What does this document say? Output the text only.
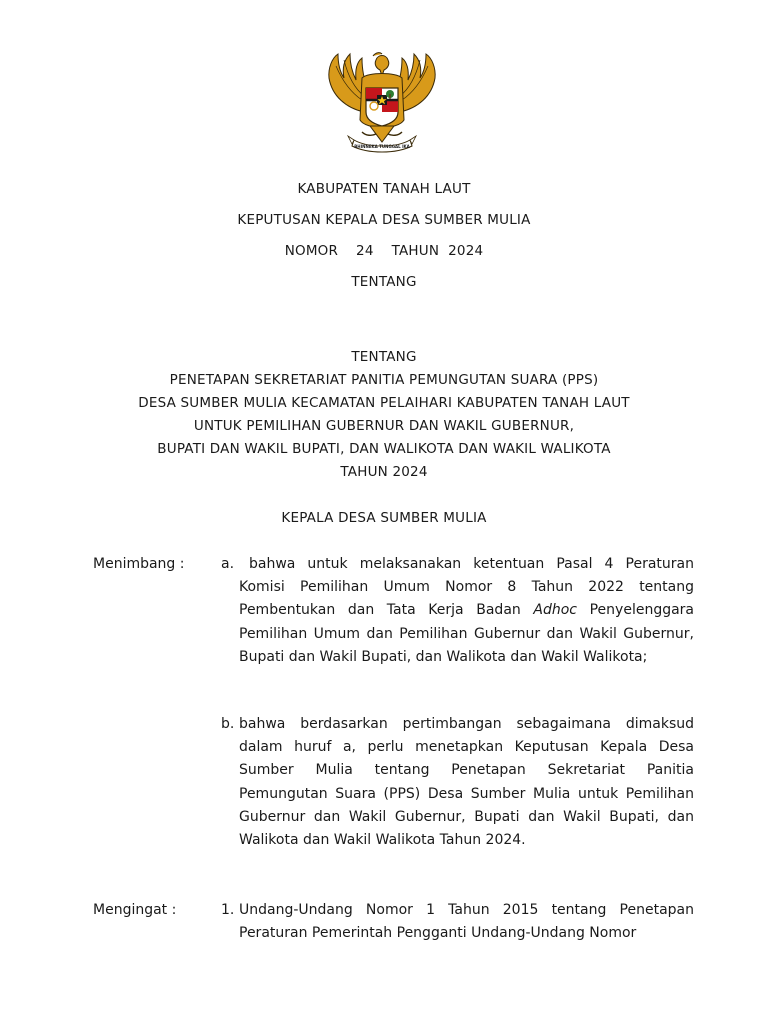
BHINNEKA TUNGGAL IKA
KABUPATEN TANAH LAUT
KEPUTUSAN KEPALA DESA SUMBER MULIA
NOMOR    24    TAHUN  2024
TENTANG
TENTANG
PENETAPAN SEKRETARIAT PANITIA PEMUNGUTAN SUARA (PPS)
DESA SUMBER MULIA KECAMATAN PELAIHARI KABUPATEN TANAH LAUT
UNTUK PEMILIHAN GUBERNUR DAN WAKIL GUBERNUR,
BUPATI DAN WAKIL BUPATI, DAN WALIKOTA DAN WAKIL WALIKOTA
TAHUN 2024
KEPALA DESA SUMBER MULIA
Menimbang :	a.	bahwa untuk melaksanakan ketentuan Pasal 4 Peraturan Komisi Pemilihan Umum Nomor 8 Tahun 2022 tentang Pembentukan dan Tata Kerja Badan Adhoc Penyelenggara Pemilihan Umum dan Pemilihan Gubernur dan Wakil Gubernur, Bupati dan Wakil Bupati, dan Walikota dan Wakil Walikota;
b. bahwa berdasarkan pertimbangan sebagaimana dimaksud dalam huruf a, perlu menetapkan Keputusan Kepala Desa Sumber Mulia tentang Penetapan Sekretariat Panitia Pemungutan Suara (PPS) Desa Sumber Mulia untuk Pemilihan Gubernur dan Wakil Gubernur, Bupati dan Wakil Bupati, dan Walikota dan Wakil Walikota Tahun 2024.
Mengingat :	1. Undang-Undang Nomor 1 Tahun 2015 tentang Penetapan Peraturan Pemerintah Pengganti Undang-Undang Nomor
